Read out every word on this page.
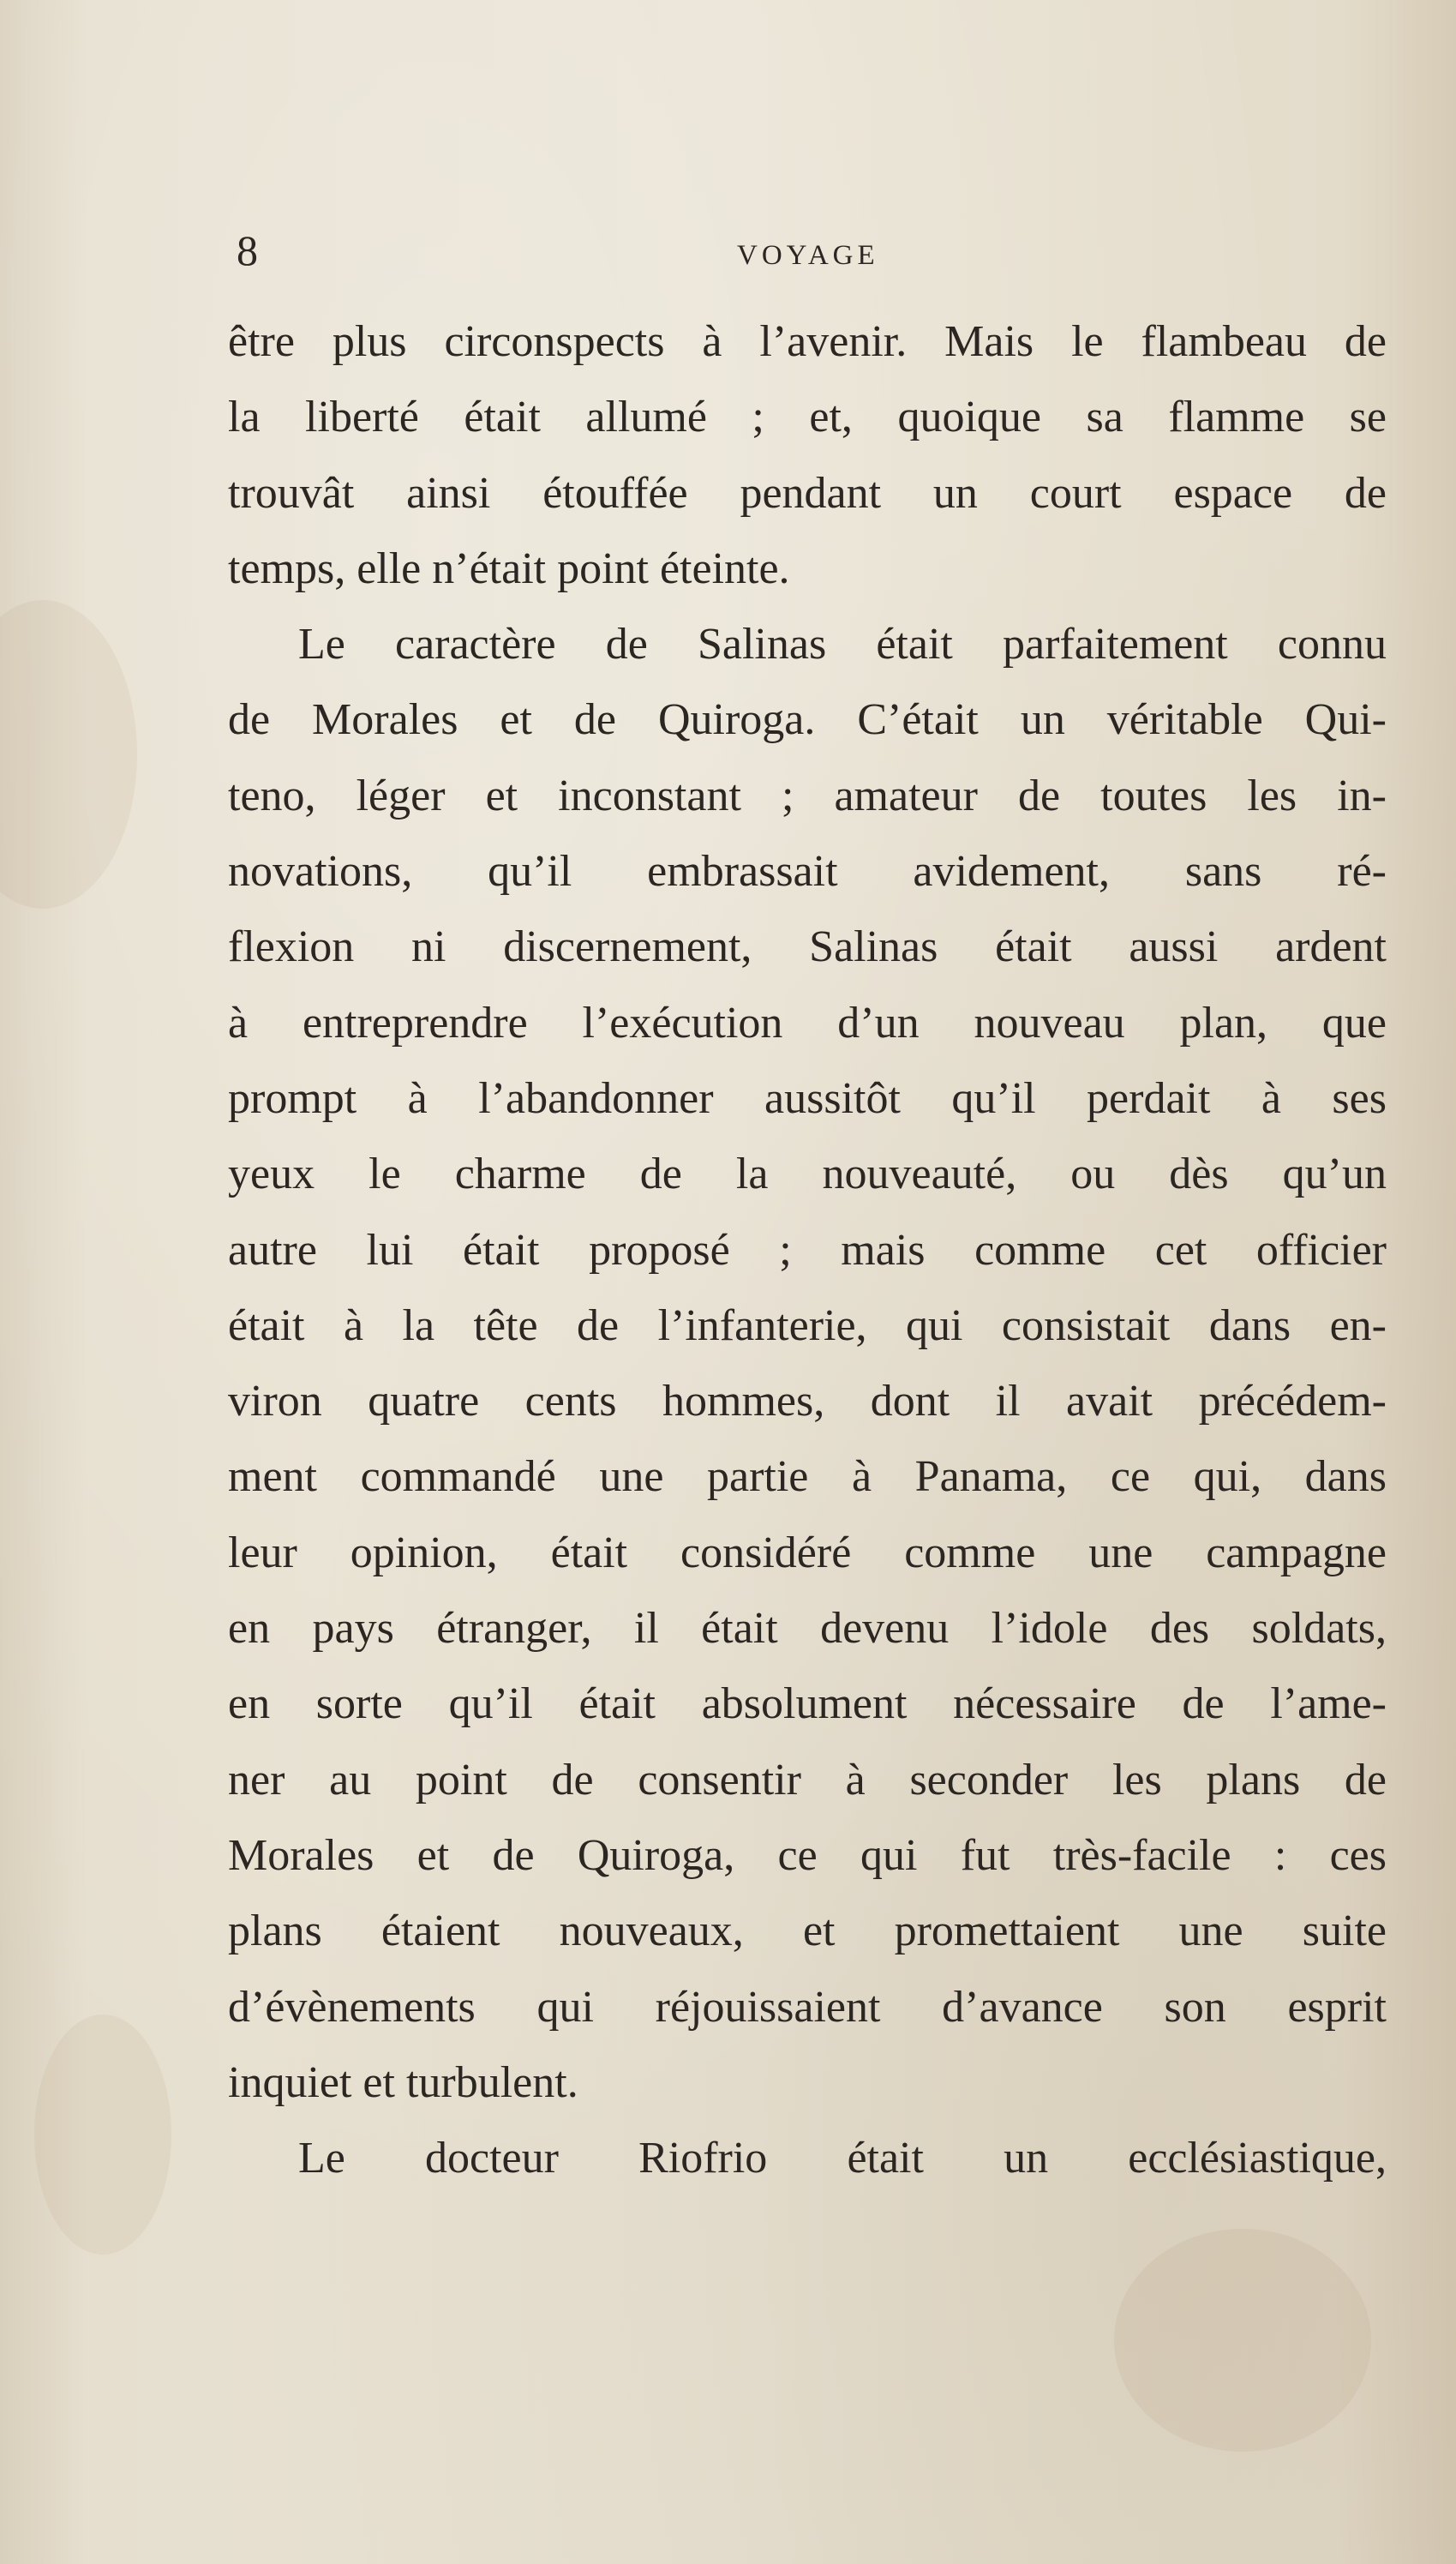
8	VOYAGE
être plus circonspects à l’avenir. Mais le flambeau de
la liberté était allumé ; et, quoique sa flamme se
trouvât ainsi étouffée pendant un court espace de
temps, elle n’était point éteinte.
Le caractère de Salinas était parfaitement connu
de Morales et de Quiroga. C’était un véritable Qui-
teno, léger et inconstant ; amateur de toutes les in-
novations, qu’il embrassait avidement, sans ré-
flexion ni discernement, Salinas était aussi ardent
à entreprendre l’exécution d’un nouveau plan, que
prompt à l’abandonner aussitôt qu’il perdait à ses
yeux le charme de la nouveauté, ou dès qu’un
autre lui était proposé ; mais comme cet officier
était à la tête de l’infanterie, qui consistait dans en-
viron quatre cents hommes, dont il avait précédem-
ment commandé une partie à Panama, ce qui, dans
leur opinion, était considéré comme une campagne
en pays étranger, il était devenu l’idole des soldats,
en sorte qu’il était absolument nécessaire de l’ame-
ner au point de consentir à seconder les plans de
Morales et de Quiroga, ce qui fut très-facile : ces
plans étaient nouveaux, et promettaient une suite
d’évènements qui réjouissaient d’avance son esprit
inquiet et turbulent.
Le docteur Riofrio était un ecclésiastique,
